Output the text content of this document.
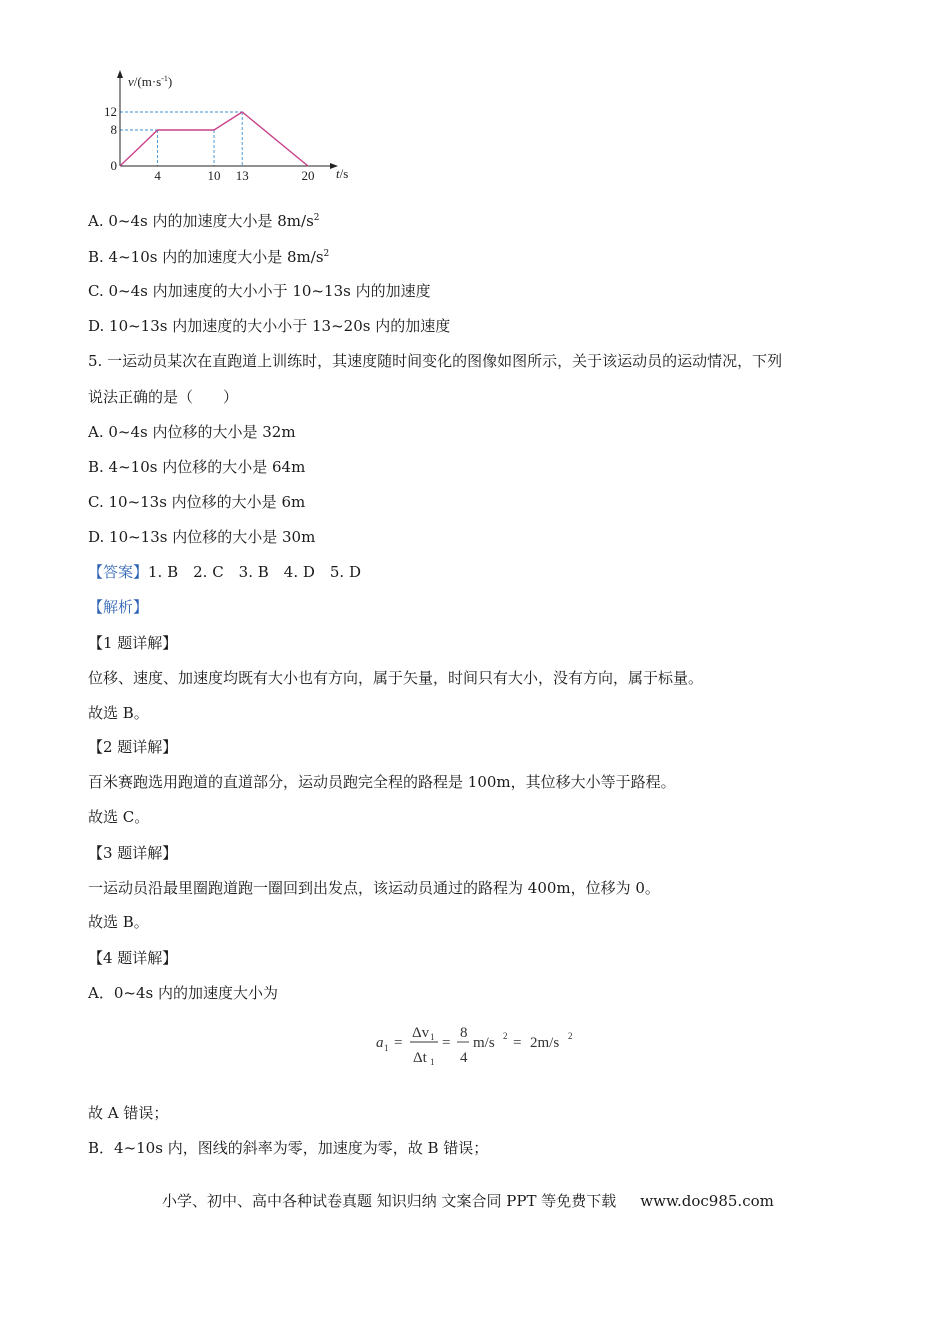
$v/(m\cdot s^{-1})$
t/s
12
8
0
4	10 13	20
A. 0~4s 内的加速度大小是 $8m/s^2$
B. 4~10s 内的加速度大小是 $8m/s^2$
C. 0~4s 内加速度的大小小于 10~13s 内的加速度
D. 10~13s 内加速度的大小小于 13~20s 内的加速度
5. 一运动员某次在直跑道上训练时，其速度随时间变化的图像如图所示，关于该运动员的运动情况，下列
说法正确的是（　　）
A. 0~4s 内位移的大小是 32m
B. 4~10s 内位移的大小是 64m
C. 10~13s 内位移的大小是 6m
D. 10~13s 内位移的大小是 30m
【答案】1. B　2. C　3. B　4. D　5. D
【解析】
【1 题详解】
位移、速度、加速度均既有大小也有方向，属于矢量，时间只有大小，没有方向，属于标量。
故选 B。
【2 题详解】
百米赛跑选用跑道的直道部分，运动员跑完全程的路程是 100m，其位移大小等于路程。
故选 C。
【3 题详解】
一运动员沿最里圈跑道跑一圈回到出发点，该运动员通过的路程为 400m，位移为 0。
故选 B。
【4 题详解】
A．0~4s 内的加速度大小为
a 1 =
Δv 1
Δt 1
=
8
4
m/s 2 = 2m/s 2
故 A 错误；
B．4~10s 内，图线的斜率为零，加速度为零，故 B 错误；
小学、初中、高中各种试卷真题 知识归纳 文案合同 PPT 等免费下载 www.doc985.com
